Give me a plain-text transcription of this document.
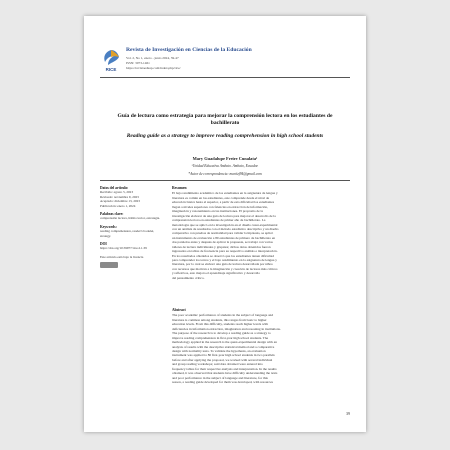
RICE
Revista de Investigación en Ciencias de la Educación
Vol. 2, No 1, enero - junio 2024, 39-47
ISSN: 3073-1461
https://revistaeduap.com/index.php/rice/
Guía de lectura como estrategia para mejorar la comprensión lectora en los estudiantes de bachillerato
Reading guide as a strategy to improve reading comprehension in high school students
Mary Guadalupe Freire Cunalata¹
¹Unidad Educativa Ambato. Ambato, Ecuador.
*Autor de correspondencia: maritzf94@gmail.com
Datos del artículo:
Recibido: agosto 5, 2023
Revisado: noviembre 9, 2023
Aceptado: diciembre 13, 2023
Publicación: enero 1, 2024
Palabras clave:
comprensión lectora, hábito lector, estrategia.
Keywords:
reading comprehension, reader's booklet, strategy.
DOI
https://doi.org/10.59977/rice.2.1.39
Este artículo está bajo la licencia
Resumen
El bajo rendimiento académico de los estudiantes en la asignatura de lengua y
literatura es común en los estudiantes, este comprende desde el nivel de
educación básica hasta el superior, a partir de esta dificultad los estudiantes
llegan a niveles superiores con falencias en extracción de información,
imaginación y razonamiento en las instituciones. El propósito de la
investigación elaborar de una guía de lectura para mejorar el desarrollo de la
comprensión lectora en estudiantes de primer año de bachillerato. La
metodología que se aplicó en la investigación en el diseño cuasi-experimental
con un análisis de resultados con el método estadístico descriptivo y un diseño
comparativo con pruebas de normalidad para validar la hipótesis, se aplicó
un instrumento de evaluación a 80 estudiantes de primero de bachillerato en
dos paralelos antes y después de aplicar la propuesta, se trabajó con varios
talleres de lectura individuales y grupales; dichos datos obtenidos fueron
ingresados en tablas de frecuencia para su respectivo análisis e interpretación.
En los resultados obtenidos se observó que los estudiantes tienen dificultad
para comprender los textos y el bajo rendimiento en la asignatura de lengua y
literatura, por lo cual se elaboró una guía de lectura desarrollada por niños
con recursos que motivan a la imaginación y creación de lectores más críticos
y reflexivos, esto mejora el aprendizaje significativo y desarrollo
del pensamiento crítico.
Abstract
The poor academic performance of students in the subject of language and
literature is common among students, this ranges from basic to higher
education levels. From this difficulty, students reach higher levels with
deficiencies in information extraction, imagination and reasoning in institutions.
The purpose of the research is to develop a reading guide as a strategy to
improve reading comprehension in first-year high school students. The
methodology applied in the research is the quasi-experimental design with an
analysis of results with the descriptive statistical method and a comparative
design with normality tests. To validate the hypothesis, an evaluation
instrument was applied to 80 first-year high school students in two parallels
before and after applying the proposal, we worked with several individual
and group reading workshops; said data obtained were entered into
frequency tables for their respective analysis and interpretation. In the results
obtained, it was observed that students have difficulty understanding the texts
and poor performance in the subject of language and literature, for this
reason, a reading guide developed for them was developed, with resources
39
